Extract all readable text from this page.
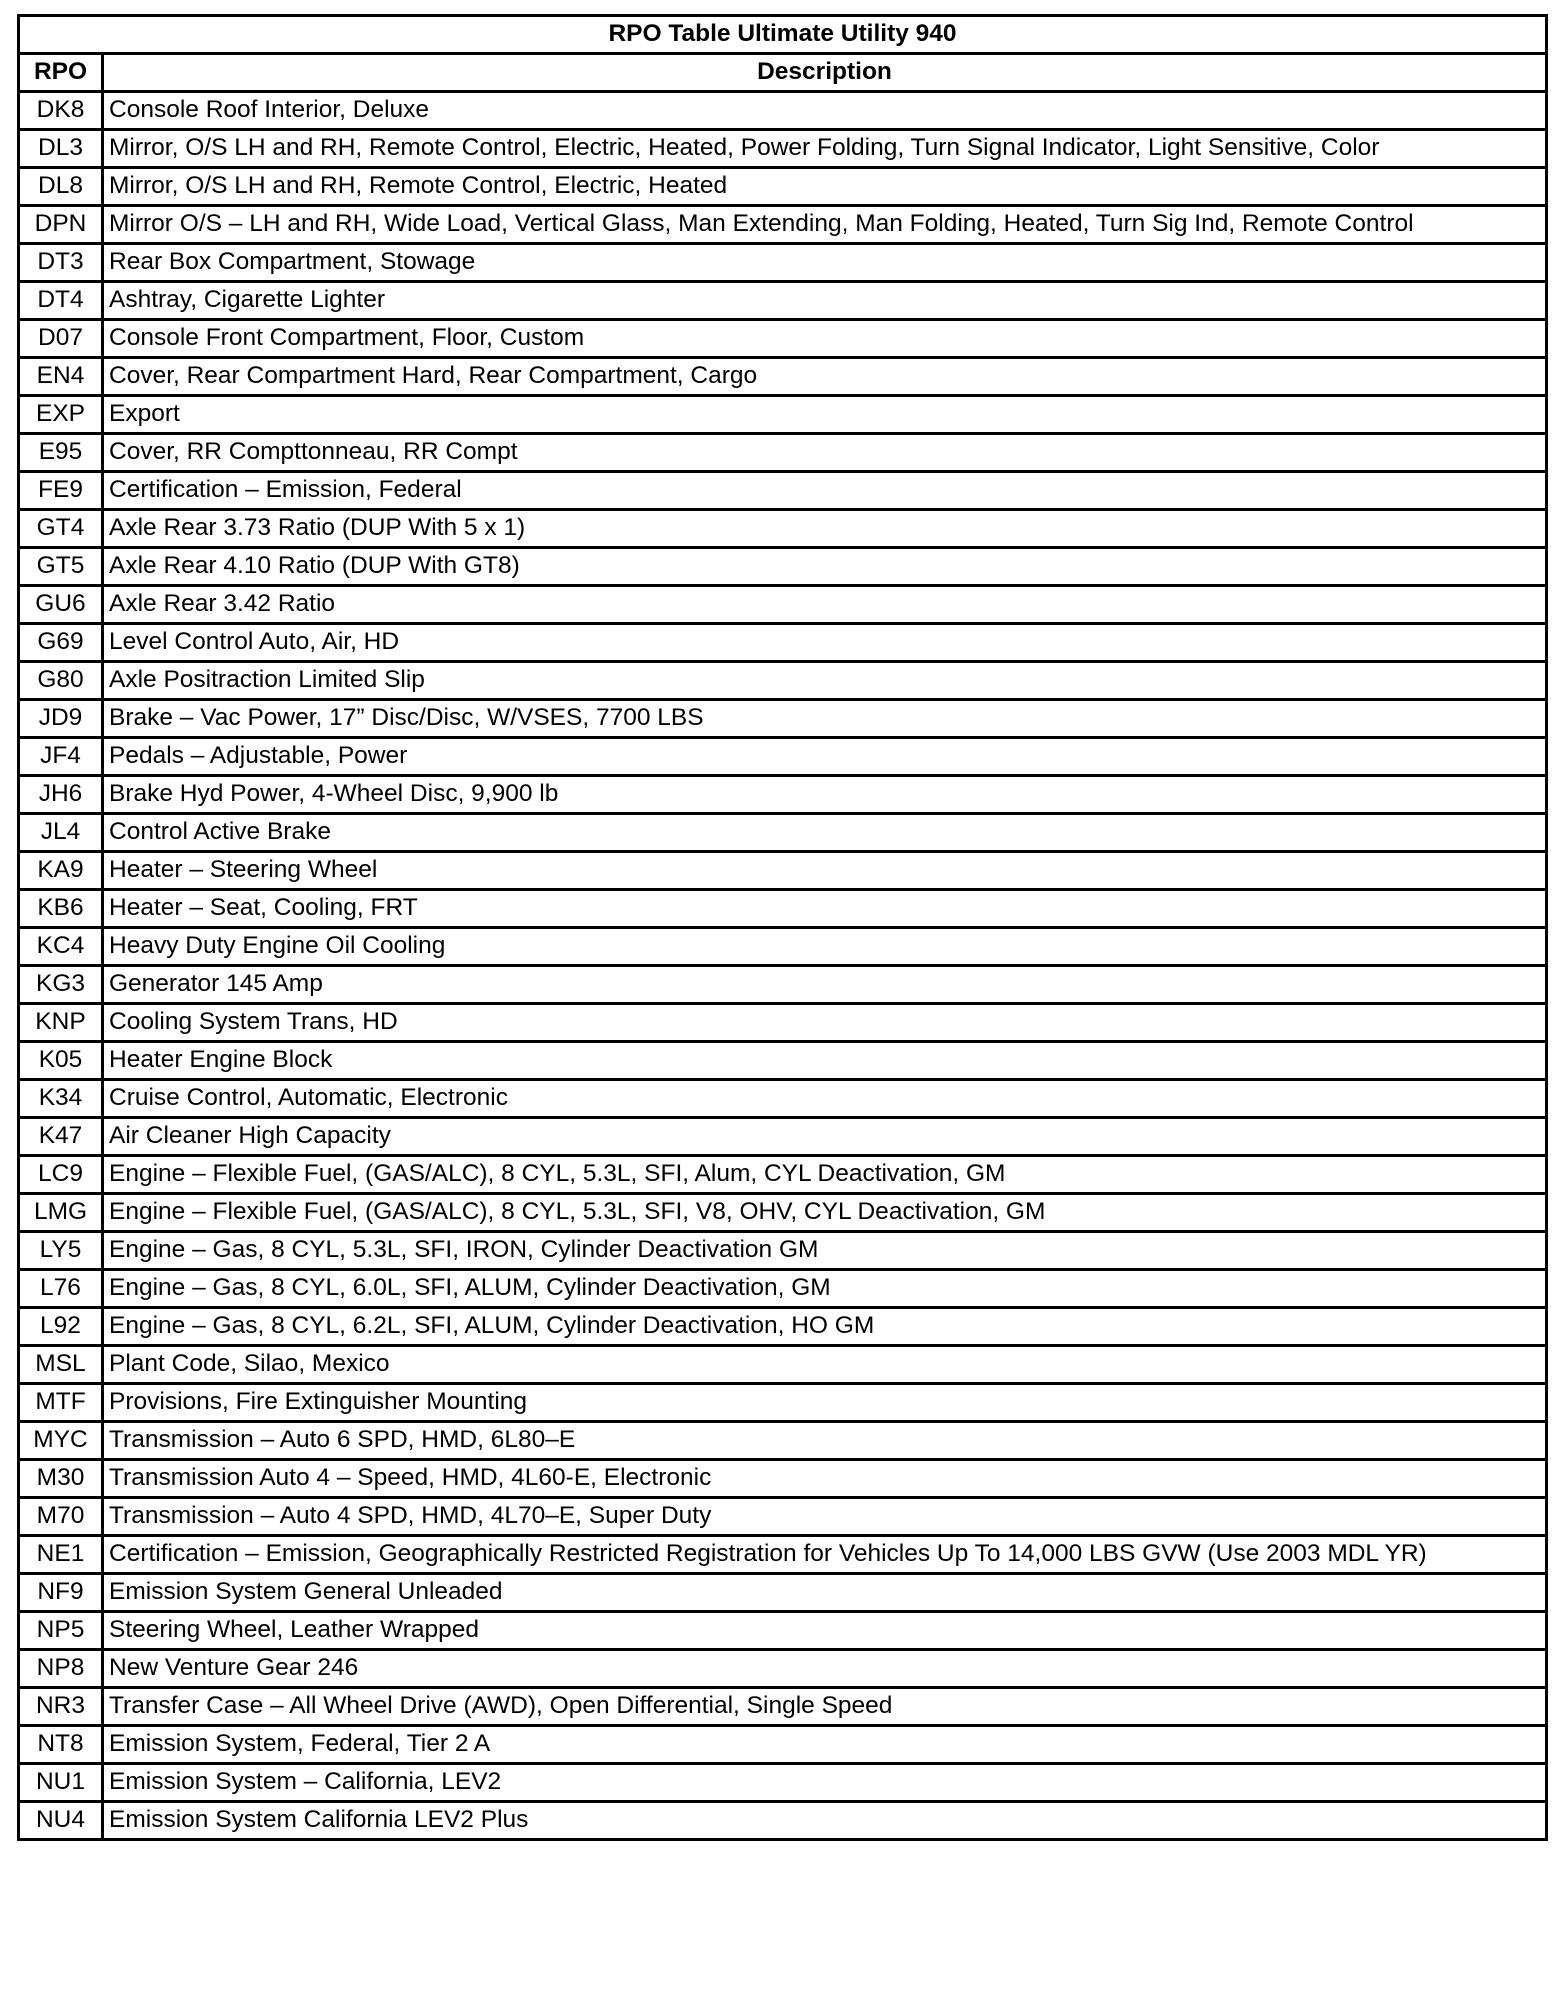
RPO Table Ultimate Utility 940	
RPO	Description
DK8	Console Roof Interior, Deluxe
DL3	Mirror, O/S LH and RH, Remote Control, Electric, Heated, Power Folding, Turn Signal Indicator, Light Sensitive, Color
DL8	Mirror, O/S LH and RH, Remote Control, Electric, Heated
DPN	Mirror O/S – LH and RH, Wide Load, Vertical Glass, Man Extending, Man Folding, Heated, Turn Sig Ind, Remote Control
DT3	Rear Box Compartment, Stowage
DT4	Ashtray, Cigarette Lighter
D07	Console Front Compartment, Floor, Custom
EN4	Cover, Rear Compartment Hard, Rear Compartment, Cargo
EXP	Export
E95	Cover, RR Compttonneau, RR Compt
FE9	Certification – Emission, Federal
GT4	Axle Rear 3.73 Ratio (DUP With 5 x 1)
GT5	Axle Rear 4.10 Ratio (DUP With GT8)
GU6	Axle Rear 3.42 Ratio
G69	Level Control Auto, Air, HD
G80	Axle Positraction Limited Slip
JD9	Brake – Vac Power, 17” Disc/Disc, W/VSES, 7700 LBS
JF4	Pedals – Adjustable, Power
JH6	Brake Hyd Power, 4-Wheel Disc, 9,900 lb
JL4	Control Active Brake
KA9	Heater – Steering Wheel
KB6	Heater – Seat, Cooling, FRT
KC4	Heavy Duty Engine Oil Cooling
KG3	Generator 145 Amp
KNP	Cooling System Trans, HD
K05	Heater Engine Block
K34	Cruise Control, Automatic, Electronic
K47	Air Cleaner High Capacity
LC9	Engine – Flexible Fuel, (GAS/ALC), 8 CYL, 5.3L, SFI, Alum, CYL Deactivation, GM
LMG	Engine – Flexible Fuel, (GAS/ALC), 8 CYL, 5.3L, SFI, V8, OHV, CYL Deactivation, GM
LY5	Engine – Gas, 8 CYL, 5.3L, SFI, IRON, Cylinder Deactivation GM
L76	Engine – Gas, 8 CYL, 6.0L, SFI, ALUM, Cylinder Deactivation, GM
L92	Engine – Gas, 8 CYL, 6.2L, SFI, ALUM, Cylinder Deactivation, HO GM
MSL	Plant Code, Silao, Mexico
MTF	Provisions, Fire Extinguisher Mounting
MYC	Transmission – Auto 6 SPD, HMD, 6L80–E
M30	Transmission Auto 4 – Speed, HMD, 4L60-E, Electronic
M70	Transmission – Auto 4 SPD, HMD, 4L70–E, Super Duty
NE1	Certification – Emission, Geographically Restricted Registration for Vehicles Up To 14,000 LBS GVW (Use 2003 MDL YR)
NF9	Emission System General Unleaded
NP5	Steering Wheel, Leather Wrapped
NP8	New Venture Gear 246
NR3	Transfer Case – All Wheel Drive (AWD), Open Differential, Single Speed
NT8	Emission System, Federal, Tier 2 A
NU1	Emission System – California, LEV2
NU4	Emission System California LEV2 Plus
